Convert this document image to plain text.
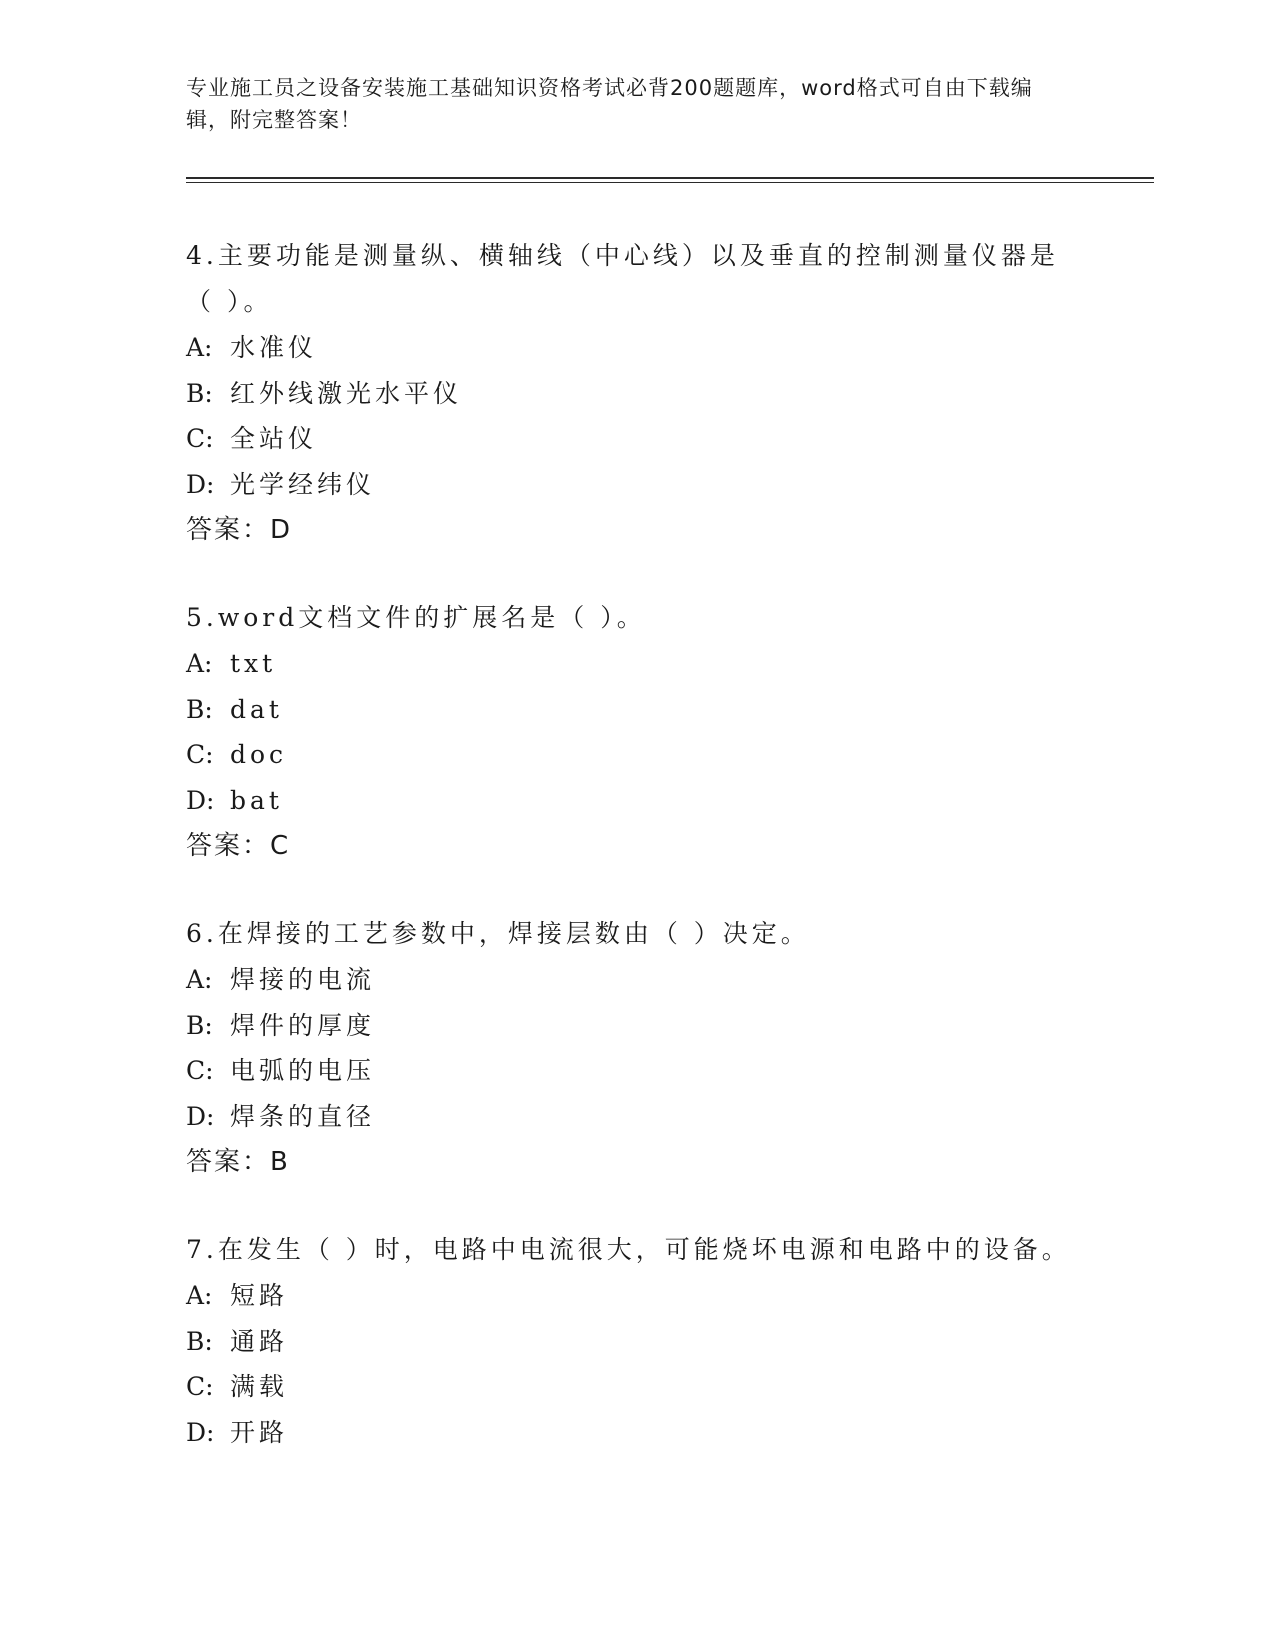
专业施工员之设备安装施工基础知识资格考试必背200题题库，word格式可自由下载编辑，附完整答案！

4.主要功能是测量纵、横轴线（中心线）以及垂直的控制测量仪器是（ ）。

A: 水准仪

B: 红外线激光水平仪

C: 全站仪

D: 光学经纬仪

答案：D

5.word文档文件的扩展名是（ ）。

A: txt

B: dat

C: doc

D: bat

答案：C

6.在焊接的工艺参数中，焊接层数由（ ）决定。

A: 焊接的电流

B: 焊件的厚度

C: 电弧的电压

D: 焊条的直径

答案：B

7.在发生（ ）时，电路中电流很大，可能烧坏电源和电路中的设备。

A: 短路

B: 通路

C: 满载

D: 开路
